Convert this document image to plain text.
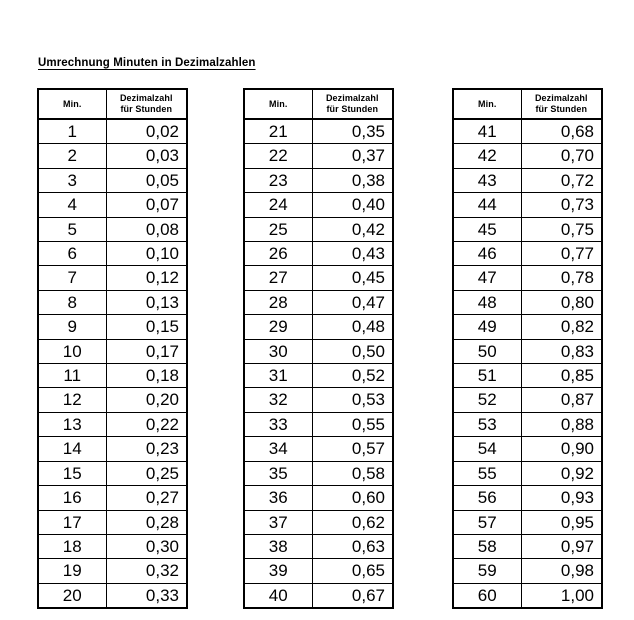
Umrechnung Minuten in Dezimalzahlen
Min.	Dezimalzahl
für Stunden

1	0,02
2	0,03
3	0,05
4	0,07
5	0,08
6	0,10
7	0,12
8	0,13
9	0,15
10	0,17
11	0,18
12	0,20
13	0,22
14	0,23
15	0,25
16	0,27
17	0,28
18	0,30
19	0,32
20	0,33
Min.	Dezimalzahl
für Stunden

21	0,35
22	0,37
23	0,38
24	0,40
25	0,42
26	0,43
27	0,45
28	0,47
29	0,48
30	0,50
31	0,52
32	0,53
33	0,55
34	0,57
35	0,58
36	0,60
37	0,62
38	0,63
39	0,65
40	0,67
Min.	Dezimalzahl
für Stunden

41	0,68
42	0,70
43	0,72
44	0,73
45	0,75
46	0,77
47	0,78
48	0,80
49	0,82
50	0,83
51	0,85
52	0,87
53	0,88
54	0,90
55	0,92
56	0,93
57	0,95
58	0,97
59	0,98
60	1,00
